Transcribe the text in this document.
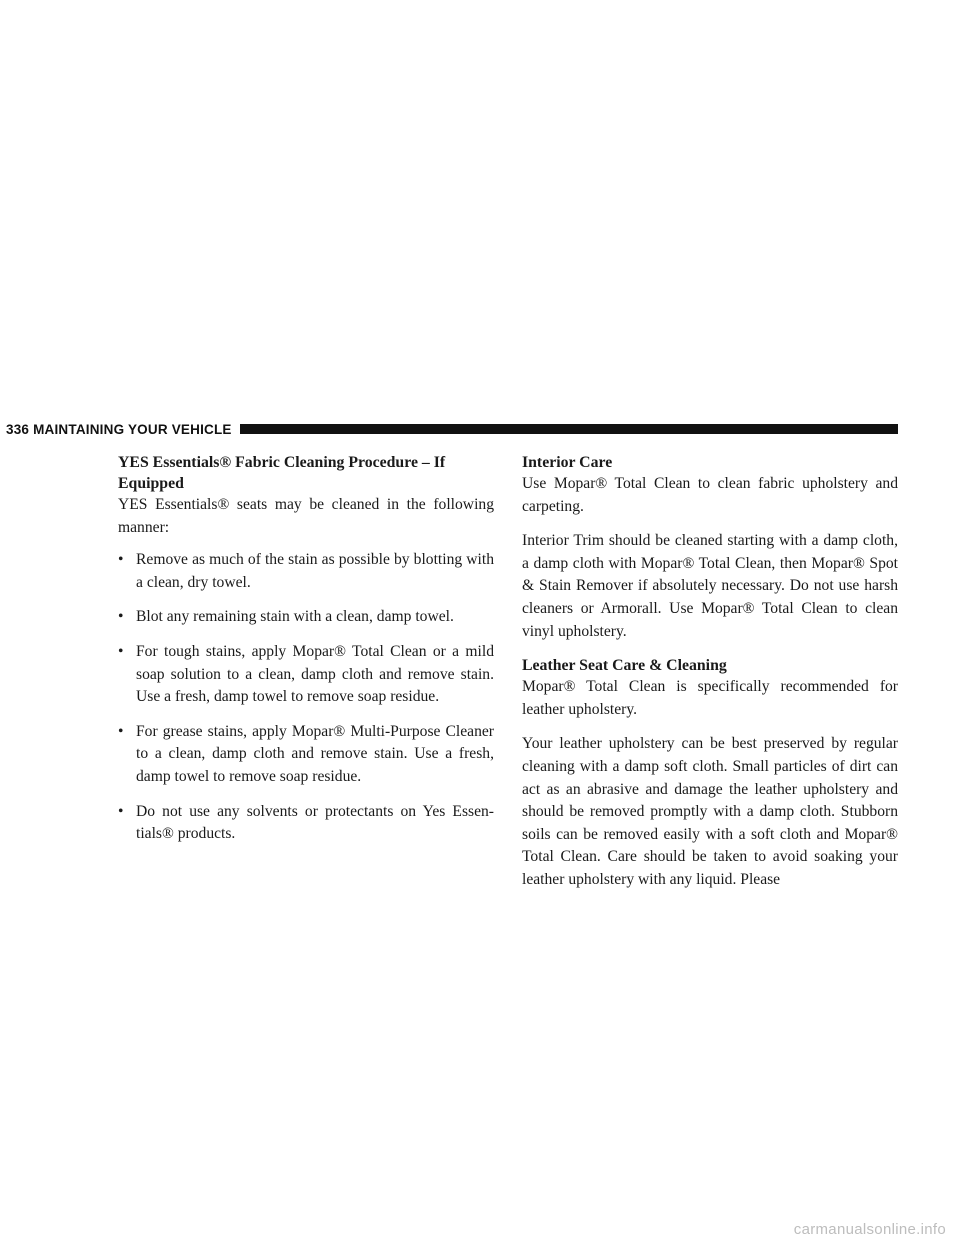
336 MAINTAINING YOUR VEHICLE
YES Essentials® Fabric Cleaning Procedure – If
Equipped

YES Essentials® seats may be cleaned in the following manner:

• Remove as much of the stain as possible by blotting with a clean, dry towel.
• Blot any remaining stain with a clean, damp towel.
• For tough stains, apply Mopar® Total Clean or a mild soap solution to a clean, damp cloth and remove stain. Use a fresh, damp towel to remove soap residue.
• For grease stains, apply Mopar® Multi-Purpose Cleaner to a clean, damp cloth and remove stain. Use a fresh, damp towel to remove soap residue.
• Do not use any solvents or protectants on Yes Essen- tials® products.
Interior Care

Use Mopar® Total Clean to clean fabric upholstery and carpeting.

Interior Trim should be cleaned starting with a damp cloth, a damp cloth with Mopar® Total Clean, then Mopar® Spot & Stain Remover if absolutely necessary. Do not use harsh cleaners or Armorall. Use Mopar® Total Clean to clean vinyl upholstery.

Leather Seat Care & Cleaning

Mopar® Total Clean is specifically recommended for leather upholstery.

Your leather upholstery can be best preserved by regular cleaning with a damp soft cloth. Small particles of dirt can act as an abrasive and damage the leather upholstery and should be removed promptly with a damp cloth. Stubborn soils can be removed easily with a soft cloth and Mopar® Total Clean. Care should be taken to avoid soaking your leather upholstery with any liquid. Please

carmanualsonline.info
